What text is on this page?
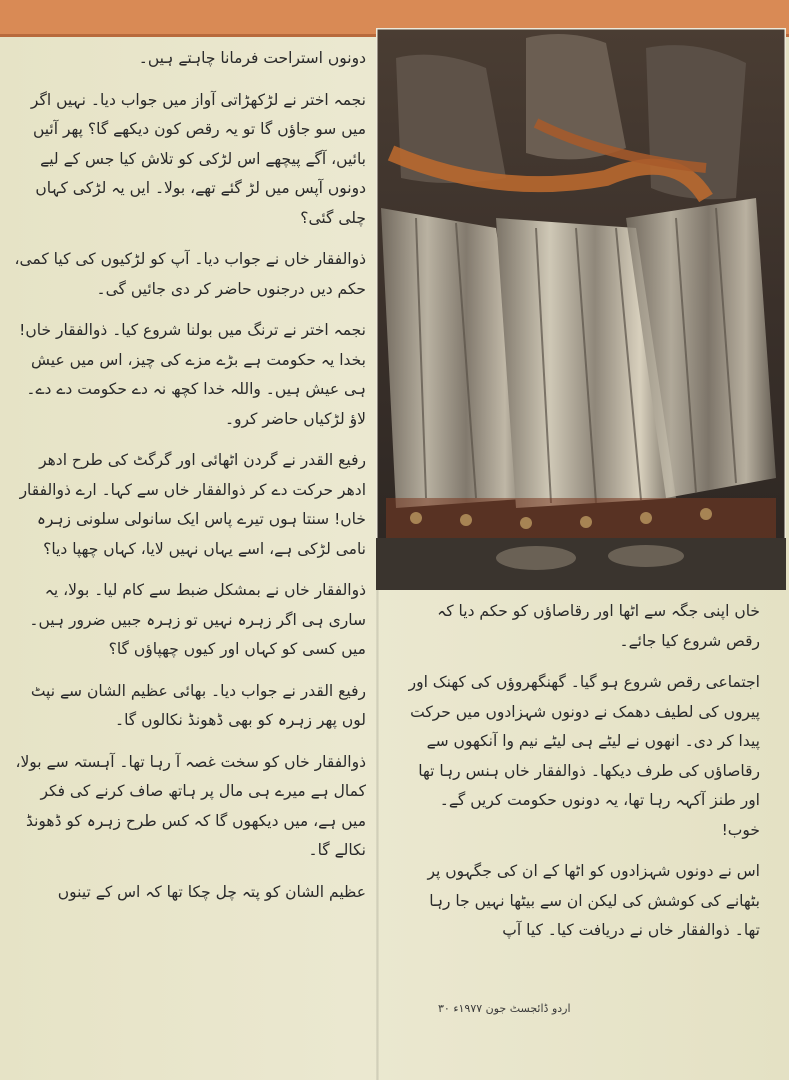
دونوں استراحت فرمانا چاہتے ہیں۔

نجمہ اختر نے لڑکھڑاتی آواز میں جواب دیا۔ نہیں اگر میں سو جاؤں گا تو یہ رقص کون دیکھے گا؟ پھر آئیں بائیں، آگے پیچھے اس لڑکی کو تلاش کیا جس کے لیے دونوں آپس میں لڑ گئے تھے، بولا۔ ایں یہ لڑکی کہاں چلی گئی؟

ذوالفقار خاں نے جواب دیا۔ آپ کو لڑکیوں کی کیا کمی، حکم دیں درجنوں حاضر کر دی جائیں گی۔

نجمہ اختر نے ترنگ میں بولنا شروع کیا۔ ذوالفقار خاں! بخدا یہ حکومت ہے بڑے مزے کی چیز، اس میں عیش ہی عیش ہیں۔ واللہ خدا کچھ نہ دے حکومت دے دے۔ لاؤ لڑکیاں حاضر کرو۔

رفیع القدر نے گردن اٹھائی اور گرگٹ کی طرح ادھر ادھر حرکت دے کر ذوالفقار خاں سے کہا۔ ارے ذوالفقار خاں! سنتا ہوں تیرے پاس ایک سانولی سلونی زہرہ نامی لڑکی ہے، اسے یہاں نہیں لایا، کہاں چھپا دیا؟

ذوالفقار خاں نے بمشکل ضبط سے کام لیا۔ بولا، یہ ساری ہی اگر زہرہ نہیں تو زہرہ جبیں ضرور ہیں۔ میں کسی کو کہاں اور کیوں چھپاؤں گا؟

رفیع القدر نے جواب دیا۔ بھائی عظیم الشان سے نپٹ لوں پھر زہرہ کو بھی ڈھونڈ نکالوں گا۔

ذوالفقار خاں کو سخت غصہ آ رہا تھا۔ آہستہ سے بولا، کمال ہے میرے ہی مال پر ہاتھ صاف کرنے کی فکر میں ہے، میں دیکھوں گا کہ کس طرح زہرہ کو ڈھونڈ نکالے گا۔

عظیم الشان کو پتہ چل چکا تھا کہ اس کے تینوں

خاں اپنی جگہ سے اٹھا اور رقاصاؤں کو حکم دیا کہ رقص شروع کیا جائے۔

اجتماعی رقص شروع ہو گیا۔ گھنگھروؤں کی کھنک اور پیروں کی لطیف دھمک نے دونوں شہزادوں میں حرکت پیدا کر دی۔ انھوں نے لیٹے ہی لیٹے نیم وا آنکھوں سے رقاصاؤں کی طرف دیکھا۔ ذوالفقار خاں ہنس رہا تھا اور طنز آکہہ رہا تھا، یہ دونوں حکومت کریں گے۔ خوب!

اس نے دونوں شہزادوں کو اٹھا کے ان کی جگہوں پر بٹھانے کی کوشش کی لیکن ان سے بیٹھا نہیں جا رہا تھا۔ ذوالفقار خاں نے دریافت کیا۔ کیا آپ

۳۰ اردو ڈائجسٹ جون ۱۹۷۷ء
